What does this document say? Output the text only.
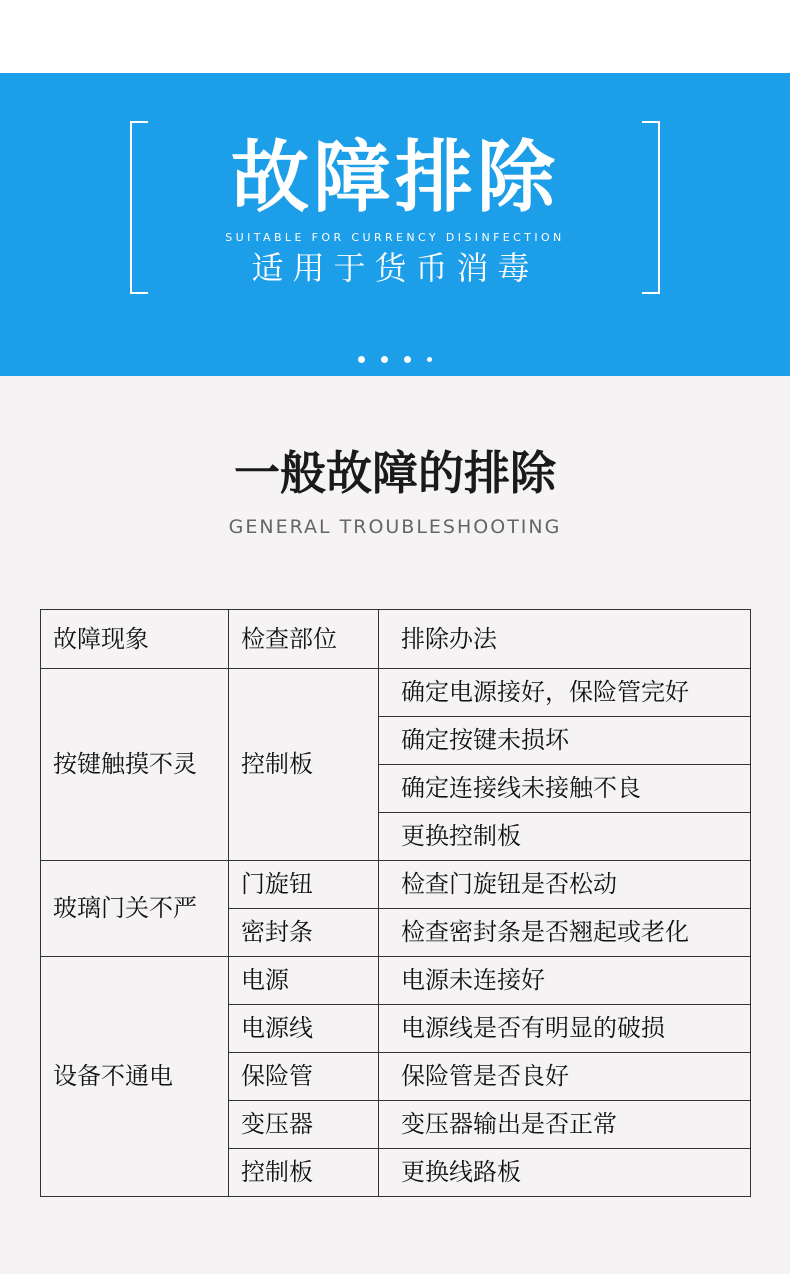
故障排除
SUITABLE FOR CURRENCY DISINFECTION
适用于货币消毒
一般故障的排除
GENERAL TROUBLESHOOTING
故障现象	检查部位	排除办法
按键触摸不灵	控制板	确定电源接好，保险管完好
		确定按键未损坏
		确定连接线未接触不良
		更换控制板
玻璃门关不严	门旋钮	检查门旋钮是否松动
	密封条	检查密封条是否翘起或老化
设备不通电	电源	电源未连接好
	电源线	电源线是否有明显的破损
	保险管	保险管是否良好
	变压器	变压器输出是否正常
	控制板	更换线路板
